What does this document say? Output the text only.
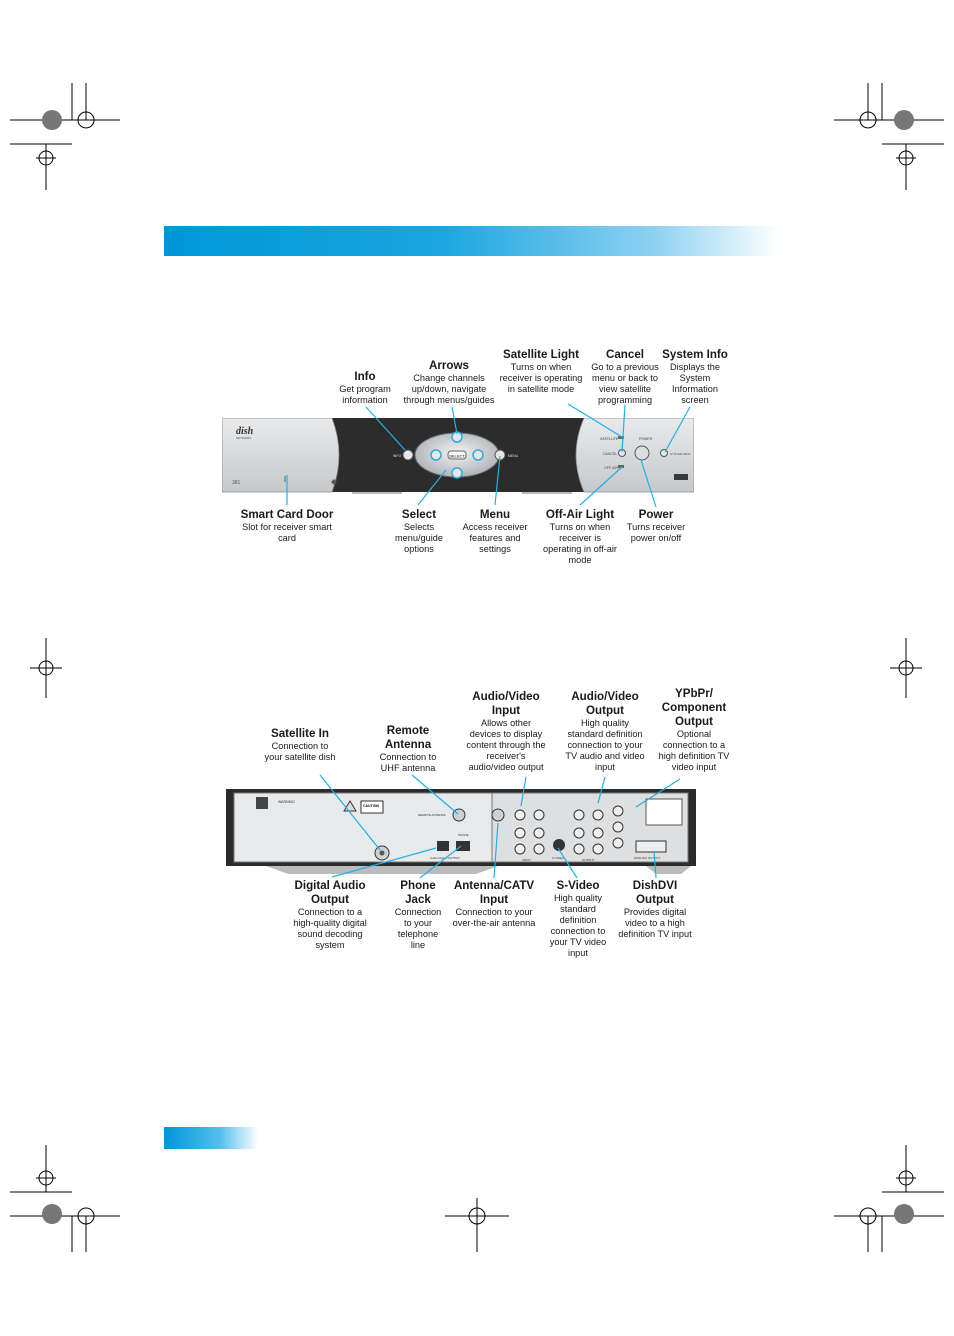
SELECT
INFO	MENU
dish
NETWORK
381
SATELLITE
CANCEL
OFF-AIR
POWER
SYSTEM INFO
WARNING
CAUTION
REMOTE ANTENNA
Audio Digital OUTPUT
PHONE
INPUT	OUTPUT
S-VIDEO	DISH DVI OUTPUT
Info
Get program information
Arrows
Change channels up/down, navigate through menus/guides
Satellite Light
Turns on when receiver is operating in satellite mode
Cancel
Go to a previous menu or back to view satellite programming
System Info
Displays the System Information screen
Smart Card Door
Slot for receiver smart card
Select
Selects menu/guide options
Menu
Access receiver features and settings
Off-Air Light
Turns on when receiver is operating in off-air mode
Power
Turns receiver power on/off
Satellite In
Connection to your satellite dish
Remote Antenna
Connection to UHF antenna
Audio/Video Input
Allows other devices to display content through the receiver's audio/video output
Audio/Video Output
High quality standard definition connection to your TV audio and video input
YPbPr/ Component Output
Optional connection to a high definition TV video input
Digital Audio Output
Connection to a high-quality digital sound decoding system
Phone Jack
Connection to your telephone line
Antenna/CATV Input
Connection to your over-the-air antenna
S-Video
High quality standard definition connection to your TV video input
DishDVI Output
Provides digital video to a high definition TV input
